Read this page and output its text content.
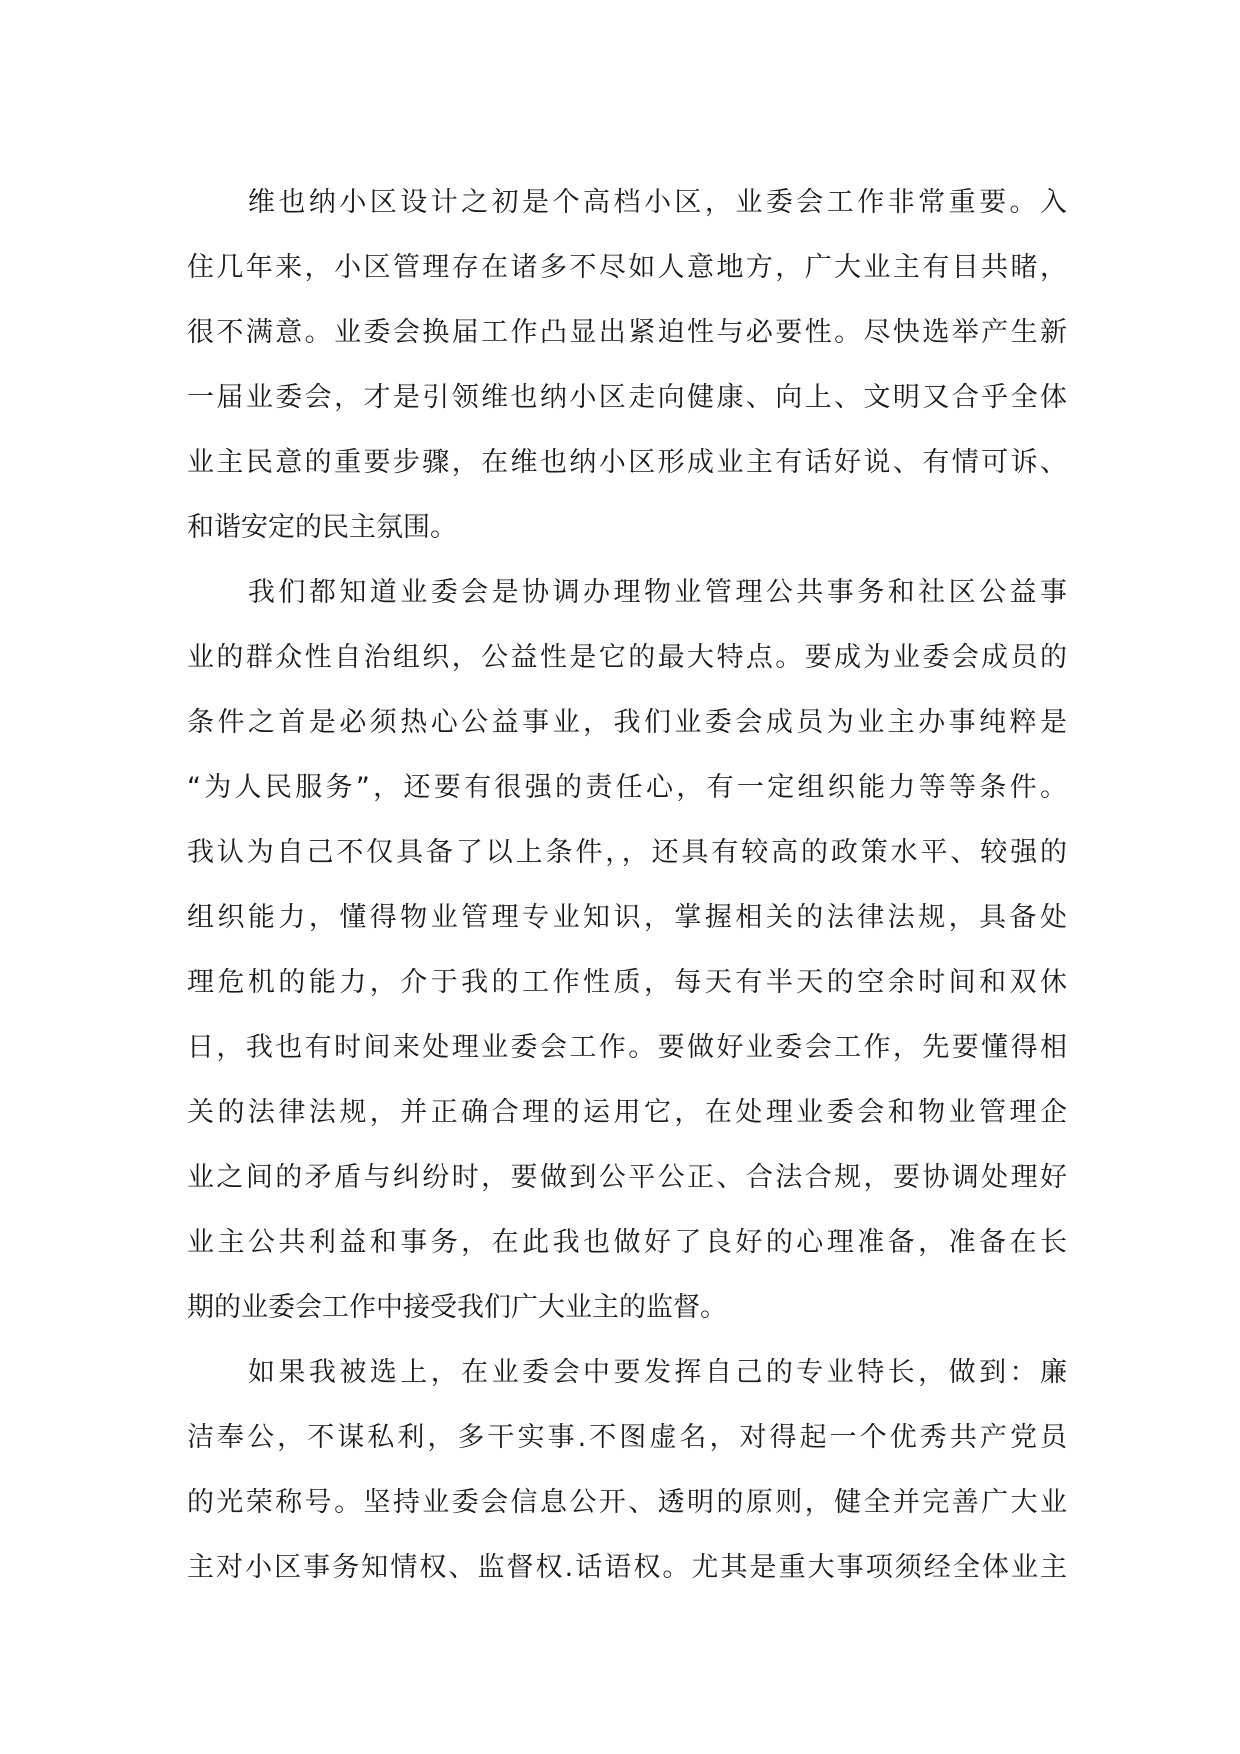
　　维也纳小区设计之初是个高档小区，业委会工作非常重要。入
住几年来，小区管理存在诸多不尽如人意地方，广大业主有目共睹，
很不满意。业委会换届工作凸显出紧迫性与必要性。尽快选举产生新
一届业委会，才是引领维也纳小区走向健康、向上、文明又合乎全体
业主民意的重要步骤，在维也纳小区形成业主有话好说、有情可诉、
和谐安定的民主氛围。
　　我们都知道业委会是协调办理物业管理公共事务和社区公益事
业的群众性自治组织，公益性是它的最大特点。要成为业委会成员的
条件之首是必须热心公益事业，我们业委会成员为业主办事纯粹是
“为人民服务”，还要有很强的责任心，有一定组织能力等等条件。
我认为自己不仅具备了以上条件，，还具有较高的政策水平、较强的
组织能力，懂得物业管理专业知识，掌握相关的法律法规，具备处
理危机的能力，介于我的工作性质，每天有半天的空余时间和双休
日，我也有时间来处理业委会工作。要做好业委会工作，先要懂得相
关的法律法规，并正确合理的运用它，在处理业委会和物业管理企
业之间的矛盾与纠纷时，要做到公平公正、合法合规，要协调处理好
业主公共利益和事务，在此我也做好了良好的心理准备，准备在长
期的业委会工作中接受我们广大业主的监督。
　　如果我被选上，在业委会中要发挥自己的专业特长，做到：廉
洁奉公，不谋私利，多干实事.不图虚名，对得起一个优秀共产党员
的光荣称号。坚持业委会信息公开、透明的原则，健全并完善广大业
主对小区事务知情权、监督权.话语权。尤其是重大事项须经全体业主
